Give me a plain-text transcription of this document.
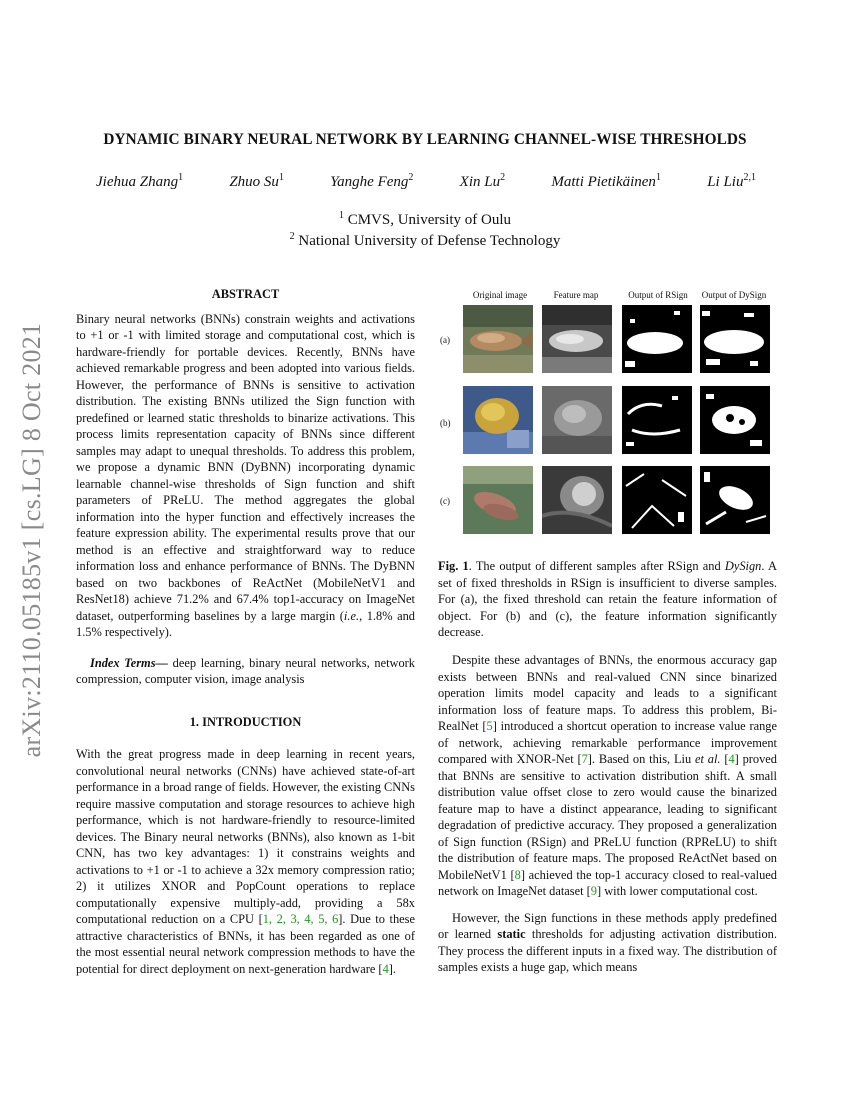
arXiv:2110.05185v1 [cs.LG] 8 Oct 2021
DYNAMIC BINARY NEURAL NETWORK BY LEARNING CHANNEL-WISE THRESHOLDS
Jiehua Zhang$^1$	Zhuo Su$^1$	Yanghe Feng$^2$	Xin Lu$^2$	Matti Pietikäinen$^1$	Li Liu$^{2,1}$
$^1$ CMVS, University of Oulu
$^2$ National University of Defense Technology
ABSTRACT

Binary neural networks (BNNs) constrain weights and activations to +1 or -1 with limited storage and computational cost, which is hardware-friendly for portable devices. Recently, BNNs have achieved remarkable progress and been adopted into various fields. However, the performance of BNNs is sensitive to activation distribution. The existing BNNs utilized the Sign function with predefined or learned static thresholds to binarize activations. This process limits representation capacity of BNNs since different samples may adapt to unequal thresholds. To address this problem, we propose a dynamic BNN (DyBNN) incorporating dynamic learnable channel-wise thresholds of Sign function and shift parameters of PReLU. The method aggregates the global information into the hyper function and effectively increases the feature expression ability. The experimental results prove that our method is an effective and straightforward way to reduce information loss and enhance performance of BNNs. The DyBNN based on two backbones of ReActNet (MobileNetV1 and ResNet18) achieve 71.2% and 67.4% top1-accuracy on ImageNet dataset, outperforming baselines by a large margin (i.e., 1.8% and 1.5% respectively).

Index Terms— deep learning, binary neural networks, network compression, computer vision, image analysis

1. INTRODUCTION

With the great progress made in deep learning in recent years, convolutional neural networks (CNNs) have achieved state-of-art performance in a broad range of fields. However, the existing CNNs require massive computation and storage resources to achieve high performance, which is not hardware-friendly to resource-limited devices. The Binary neural networks (BNNs), also known as 1-bit CNN, has two key advantages: 1) it constrains weights and activations to +1 or -1 to achieve a 32x memory compression ratio; 2) it utilizes XNOR and PopCount operations to replace computationally expensive multiply-add, providing a 58x computational reduction on a CPU [1, 2, 3, 4, 5, 6]. Due to these attractive characteristics of BNNs, it has been regarded as one of the most essential neural network compression methods to have the potential for direct deployment on next-generation hardware [4].

Original image	Feature map	Output of RSign	Output of DySign
(a)
(b)
(c)
Fig. 1. The output of different samples after RSign and DySign. A set of fixed thresholds in RSign is insufficient to diverse samples. For (a), the fixed threshold can retain the feature information of object. For (b) and (c), the feature information significantly decrease.

Despite these advantages of BNNs, the enormous accuracy gap exists between BNNs and real-valued CNN since binarized operation limits model capacity and leads to a significant information loss of feature maps. To address this problem, Bi-RealNet [5] introduced a shortcut operation to increase value range of network, achieving remarkable performance improvement compared with XNOR-Net [7]. Based on this, Liu et al. [4] proved that BNNs are sensitive to activation distribution shift. A small distribution value offset close to zero would cause the binarized feature map to have a distinct appearance, leading to significant degradation of predictive accuracy. They proposed a generalization of Sign function (RSign) and PReLU function (RPReLU) to shift the distribution of feature maps. The proposed ReActNet based on MobileNetV1 [8] achieved the top-1 accuracy closed to real-valued network on ImageNet dataset [9] with lower computational cost.

However, the Sign functions in these methods apply predefined or learned static thresholds for adjusting activation distribution. They process the different inputs in a fixed way. The distribution of samples exists a huge gap, which means
